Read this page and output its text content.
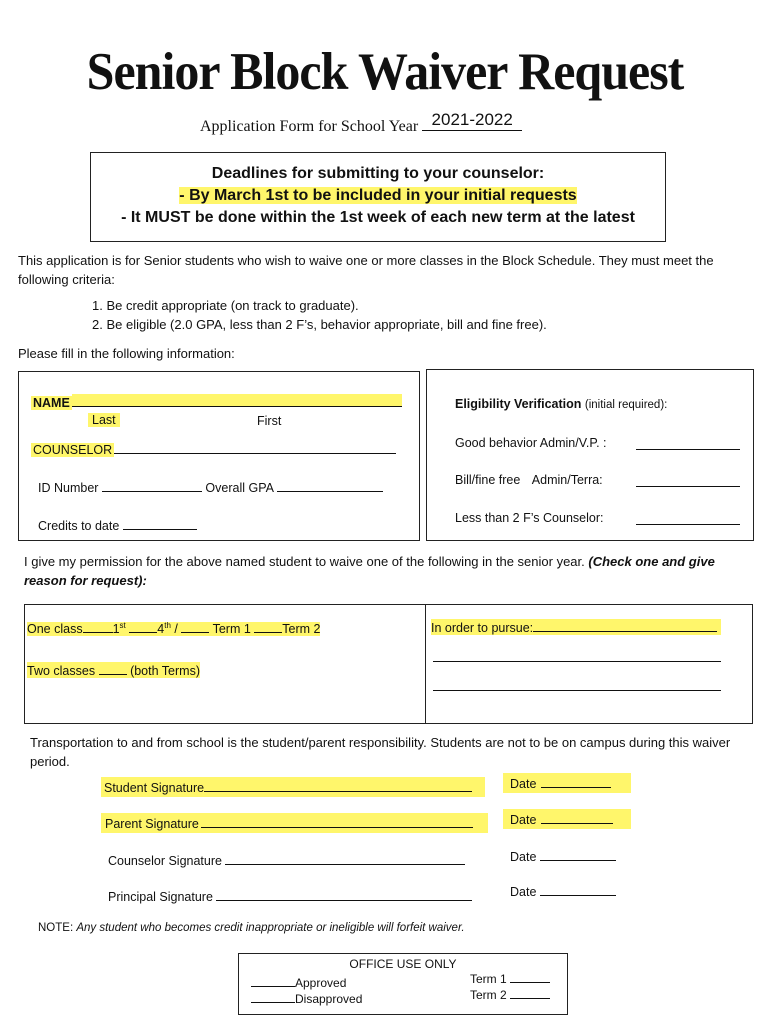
Senior Block Waiver Request
Application Form for School Year 2021-2022
Deadlines for submitting to your counselor:
- By March 1st to be included in your initial requests
- It MUST be done within the 1st week of each new term at the latest
This application is for Senior students who wish to waive one or more classes in the Block Schedule. They must meet the following criteria:
1. Be credit appropriate (on track to graduate).
2. Be eligible (2.0 GPA, less than 2 F’s, behavior appropriate, bill and fine free).
Please fill in the following information:
NAME
Last	First
COUNSELOR
ID Number	Overall GPA
Credits to date
Eligibility Verification (initial required):
Good behavior Admin/V.P. :
Bill/fine free Admin/Terra:
Less than 2 F’s Counselor:
I give my permission for the above named student to waive one of the following in the senior year. (Check one and give reason for request):
One class 1st	4th /	Term 1	Term 2
Two classes	(both Terms)
In order to pursue:
Transportation to and from school is the student/parent responsibility. Students are not to be on campus during this waiver period.
Student Signature	Date
Parent Signature	Date
Counselor Signature	Date
Principal Signature	Date
NOTE: Any student who becomes credit inappropriate or ineligible will forfeit waiver.
OFFICE USE ONLY
Approved
Disapproved
Term 1
Term 2
